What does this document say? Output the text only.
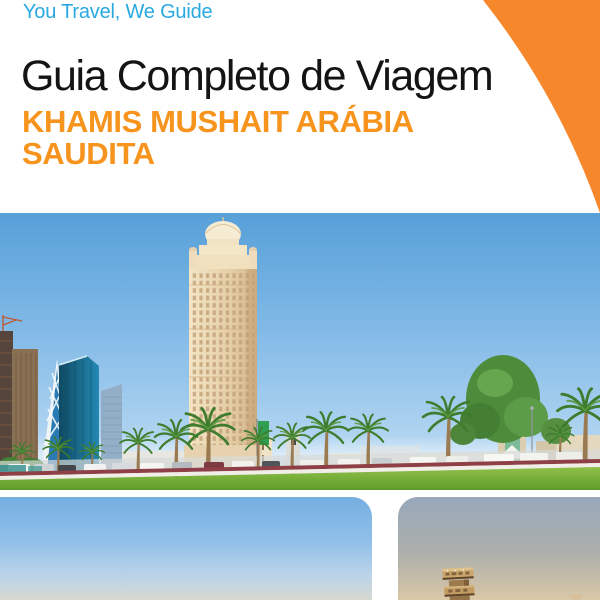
You Travel, We Guide
Guia Completo de Viagem
KHAMIS MUSHAIT ARÁBIA SAUDITA
